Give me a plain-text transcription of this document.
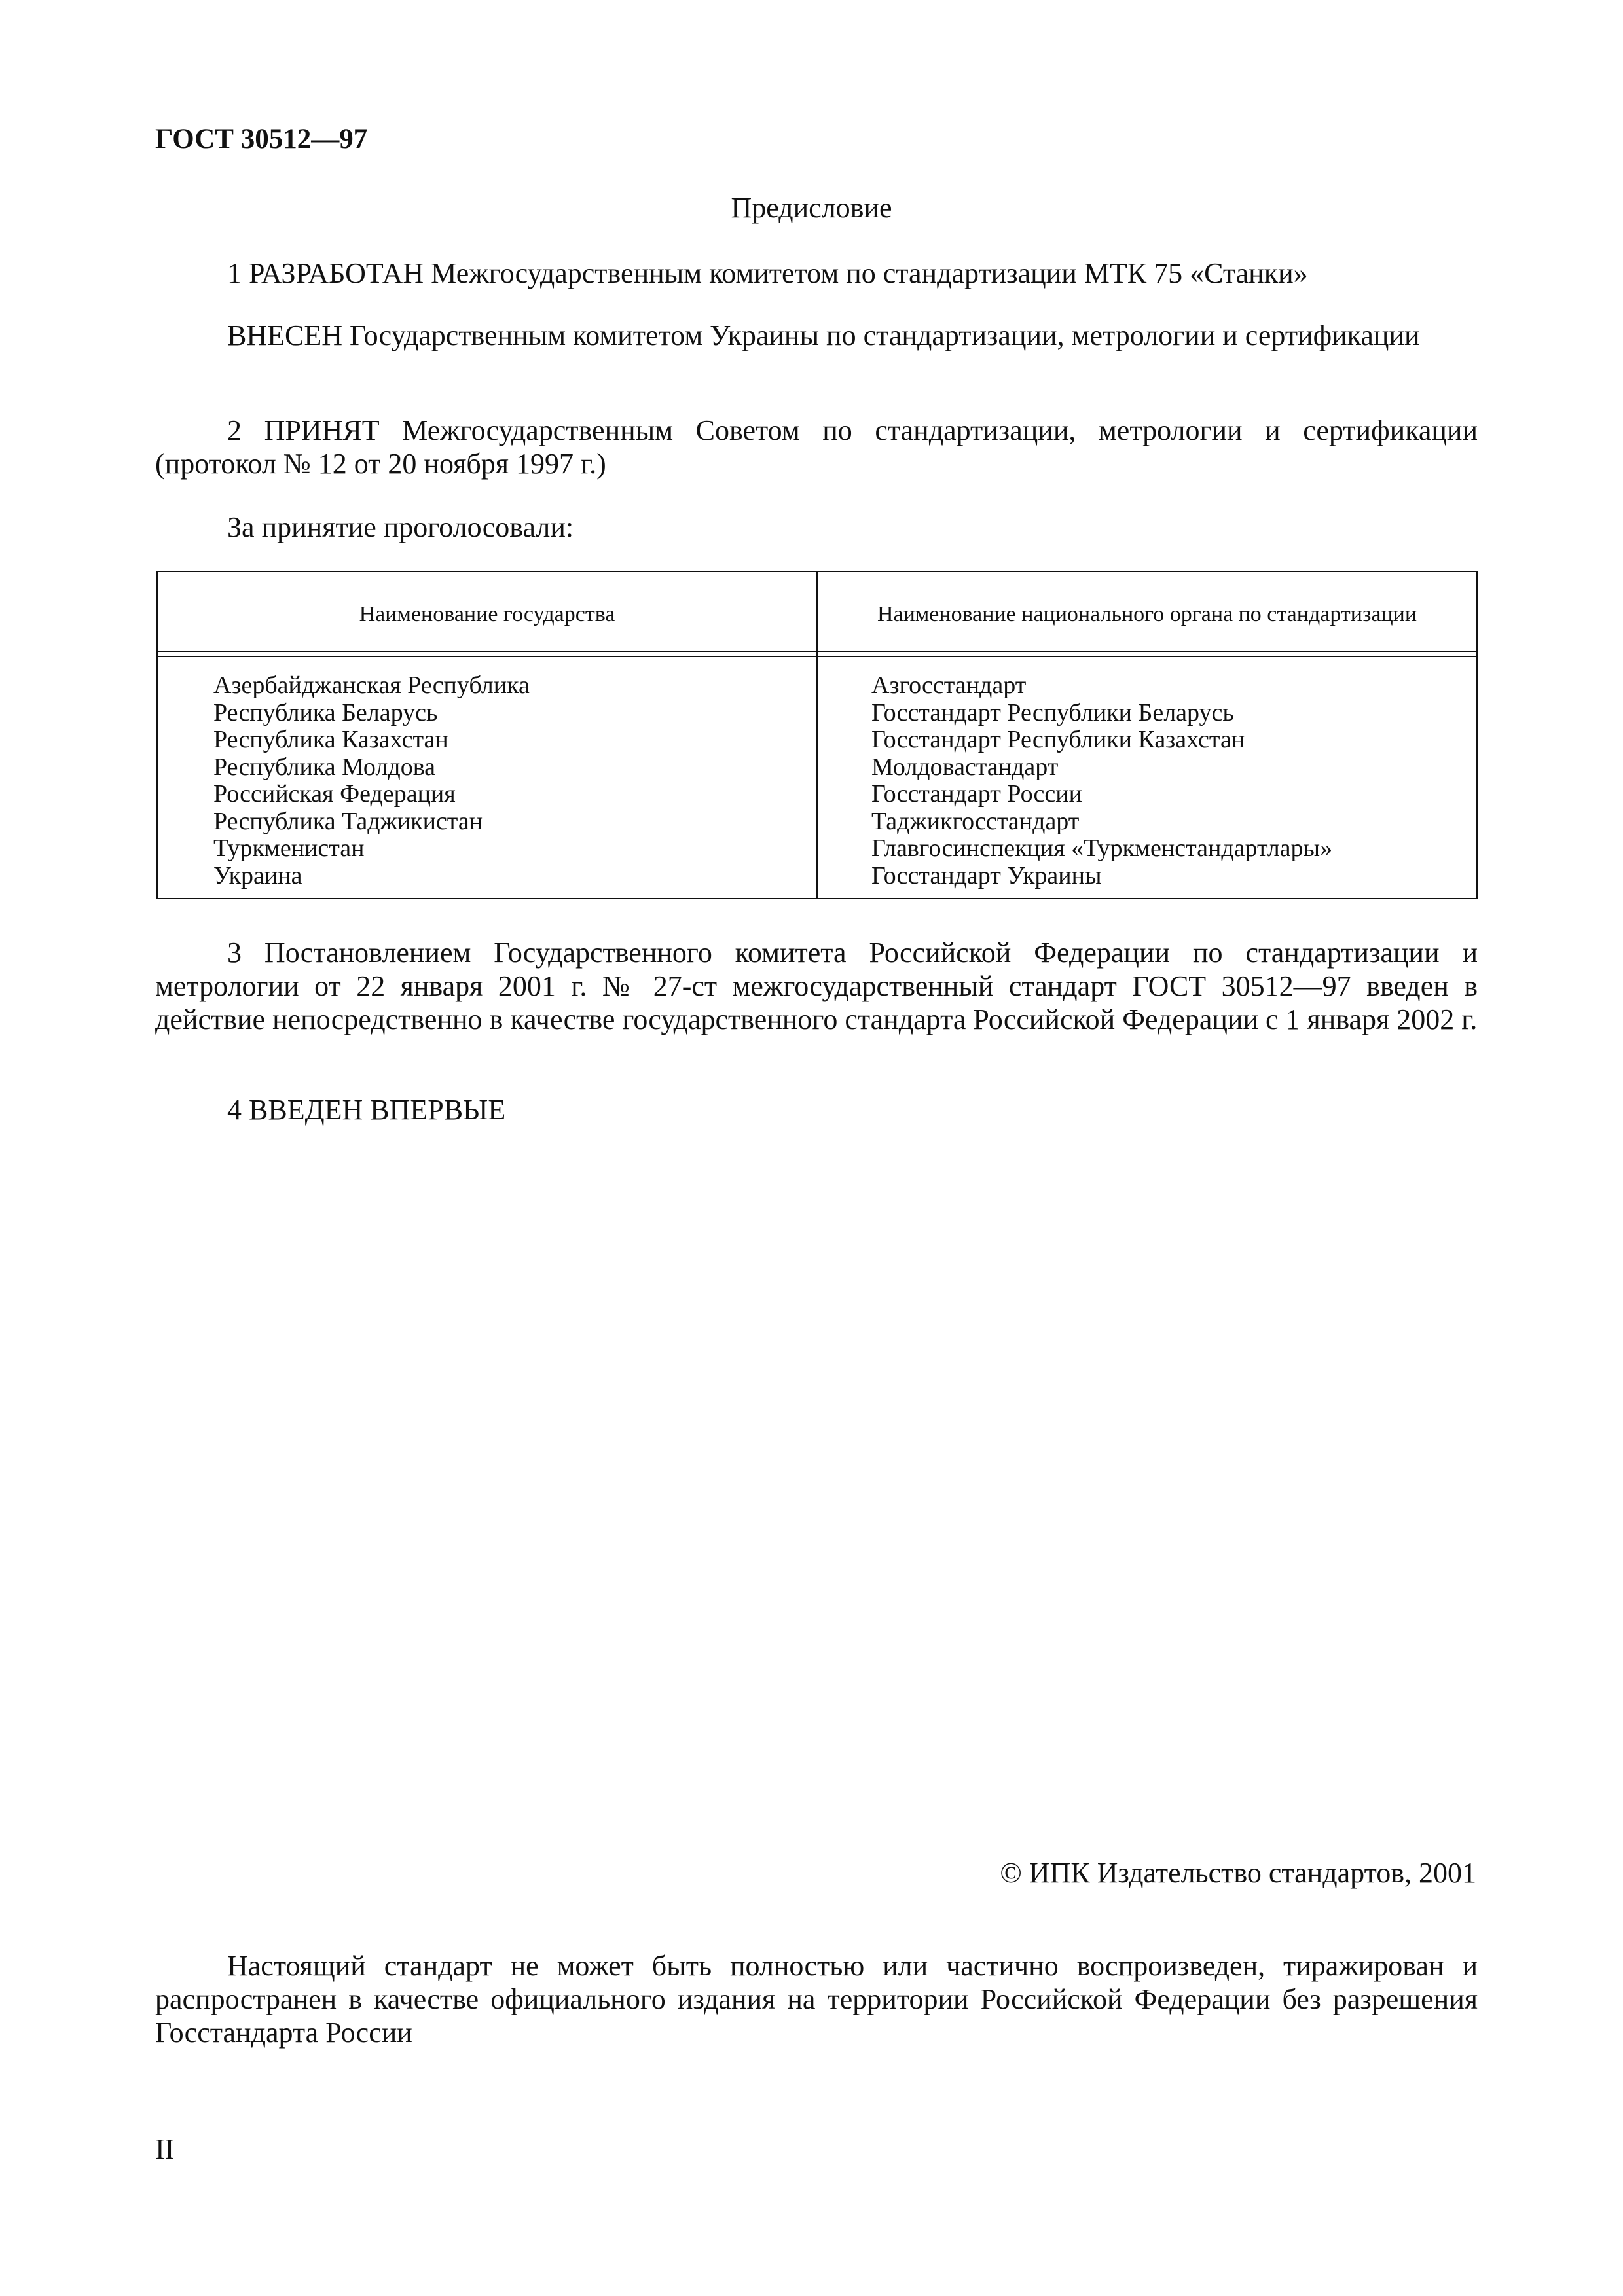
ГОСТ 30512—97
Предисловие
1 РАЗРАБОТАН Межгосударственным комитетом по стандартизации МТК 75 «Станки»
ВНЕСЕН Государственным комитетом Украины по стандартизации, метрологии и сертификации
2 ПРИНЯТ Межгосударственным Советом по стандартизации, метрологии и сертификации (протокол № 12 от 20 ноября 1997 г.)
За принятие проголосовали:
Наименование государства	Наименование национального органа по стандартизации
Азербайджанская Республика
Республика Беларусь
Республика Казахстан
Республика Молдова
Российская Федерация
Республика Таджикистан
Туркменистан
Украина
Азгосстандарт
Госстандарт Республики Беларусь
Госстандарт Республики Казахстан
Молдовастандарт
Госстандарт России
Таджикгосстандарт
Главгосинспекция «Туркменстандартлары»
Госстандарт Украины
3 Постановлением Государственного комитета Российской Федерации по стандартизации и метрологии от 22 января 2001 г. № 27-ст межгосударственный стандарт ГОСТ 30512—97 введен в действие непосредственно в качестве государственного стандарта Российской Федерации с 1 января 2002 г.
4 ВВЕДЕН ВПЕРВЫЕ
© ИПК Издательство стандартов, 2001
Настоящий стандарт не может быть полностью или частично воспроизведен, тиражирован и распространен в качестве официального издания на территории Российской Федерации без разрешения Госстандарта России
II
